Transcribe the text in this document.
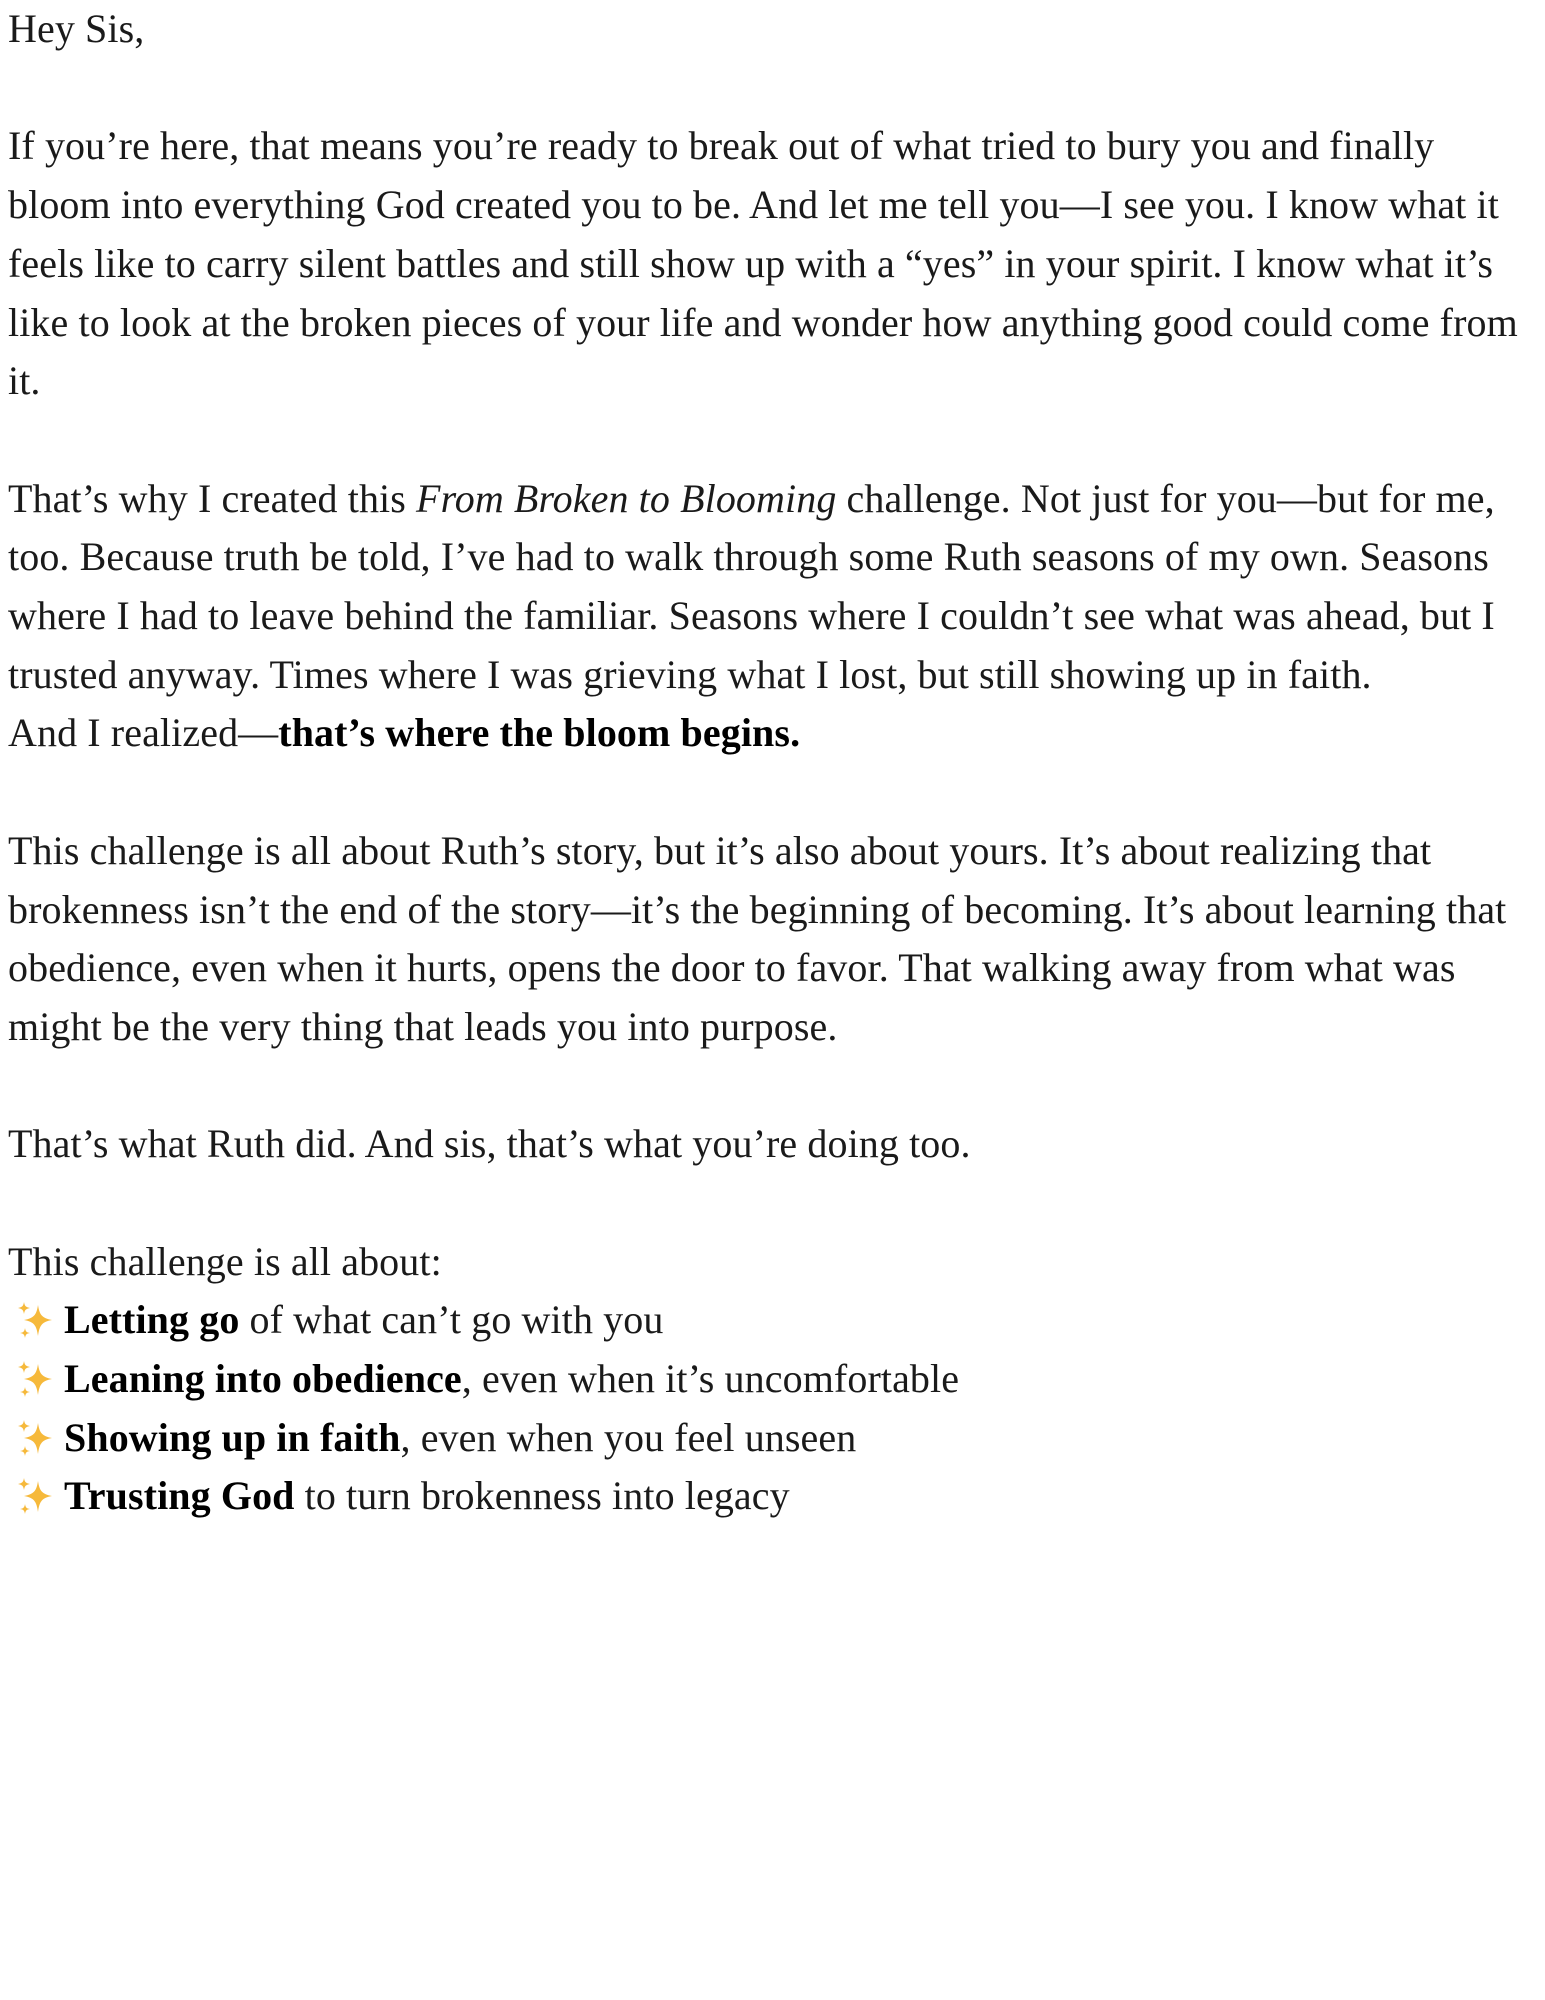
Hey Sis,

If you’re here, that means you’re ready to break out of what tried to bury you and finally bloom into everything God created you to be. And let me tell you—I see you. I know what it feels like to carry silent battles and still show up with a “yes” in your spirit. I know what it’s like to look at the broken pieces of your life and wonder how anything good could come from it.

That’s why I created this From Broken to Blooming challenge. Not just for you—but for me, too. Because truth be told, I’ve had to walk through some Ruth seasons of my own. Seasons where I had to leave behind the familiar. Seasons where I couldn’t see what was ahead, but I trusted anyway. Times where I was grieving what I lost, but still showing up in faith.

And I realized—that’s where the bloom begins.

This challenge is all about Ruth’s story, but it’s also about yours. It’s about realizing that brokenness isn’t the end of the story—it’s the beginning of becoming. It’s about learning that obedience, even when it hurts, opens the door to favor. That walking away from what was might be the very thing that leads you into purpose.

That’s what Ruth did. And sis, that’s what you’re doing too.

This challenge is all about:

Letting go of what can’t go with you
Leaning into obedience, even when it’s uncomfortable
Showing up in faith, even when you feel unseen
Trusting God to turn brokenness into legacy
